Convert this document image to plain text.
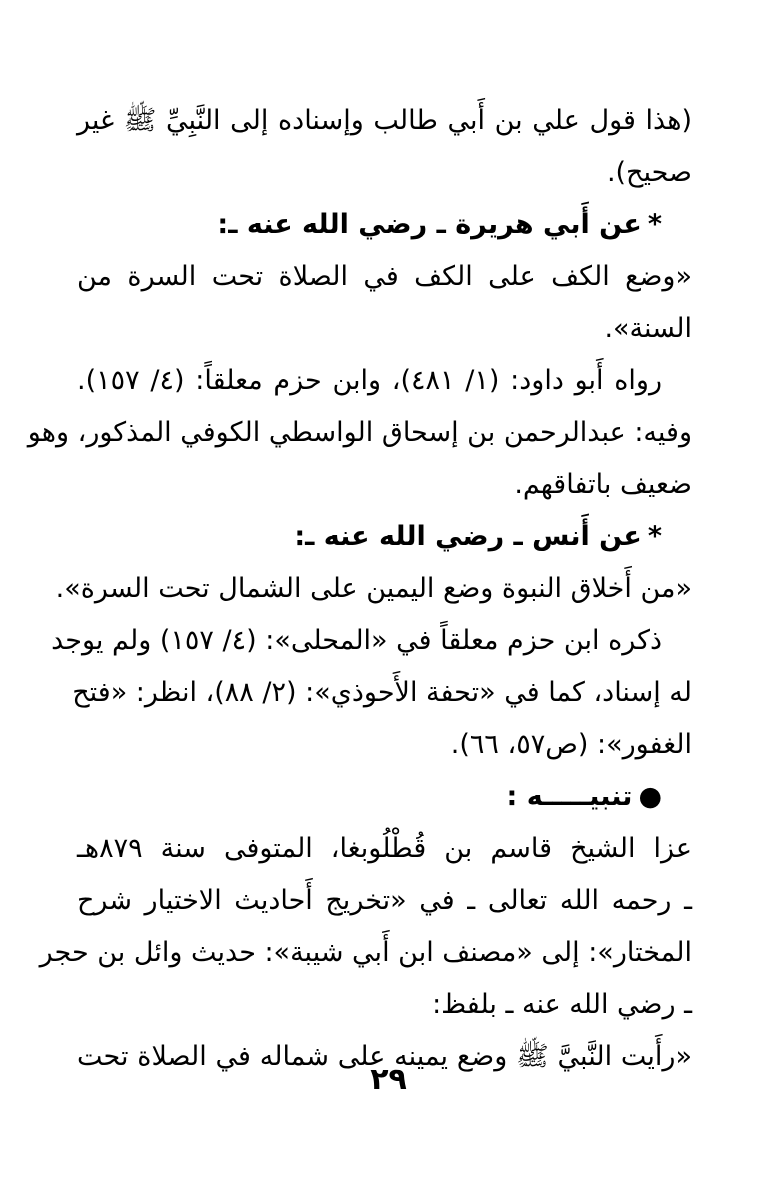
(هذا قول علي بن أَبي طالب وإسناده إلى النَّبِيِّ ﷺ غير
صحيح).
*عن أَبي هريرة ـ رضي الله عنه ـ:
«وضع الكف على الكف في الصلاة تحت السرة من
السنة».
رواه أَبو داود: (١/ ٤٨١)، وابن حزم معلقاً: (٤/ ١٥٧).
وفيه: عبدالرحمن بن إسحاق الواسطي الكوفي المذكور، وهو
ضعيف باتفاقهم.
*عن أَنس ـ رضي الله عنه ـ:
«من أَخلاق النبوة وضع اليمين على الشمال تحت السرة».
ذكره ابن حزم معلقاً في «المحلى»: (٤/ ١٥٧) ولم يوجد
له إسناد، كما في «تحفة الأَحوذي»: (٢/ ٨٨)، انظر: «فتح
الغفور»: (ص٥٧، ٦٦).
●تنبيـــــه :
عزا الشيخ قاسم بن قُطْلُوبغا، المتوفى سنة ٨٧٩هـ
ـ رحمه الله تعالى ـ في «تخريج أَحاديث الاختيار شرح
المختار»: إلى «مصنف ابن أَبي شيبة»: حديث وائل بن حجر
ـ رضي الله عنه ـ بلفظ:
«رأَيت النَّبيَّ ﷺ وضع يمينه على شماله في الصلاة تحت
٢٩
